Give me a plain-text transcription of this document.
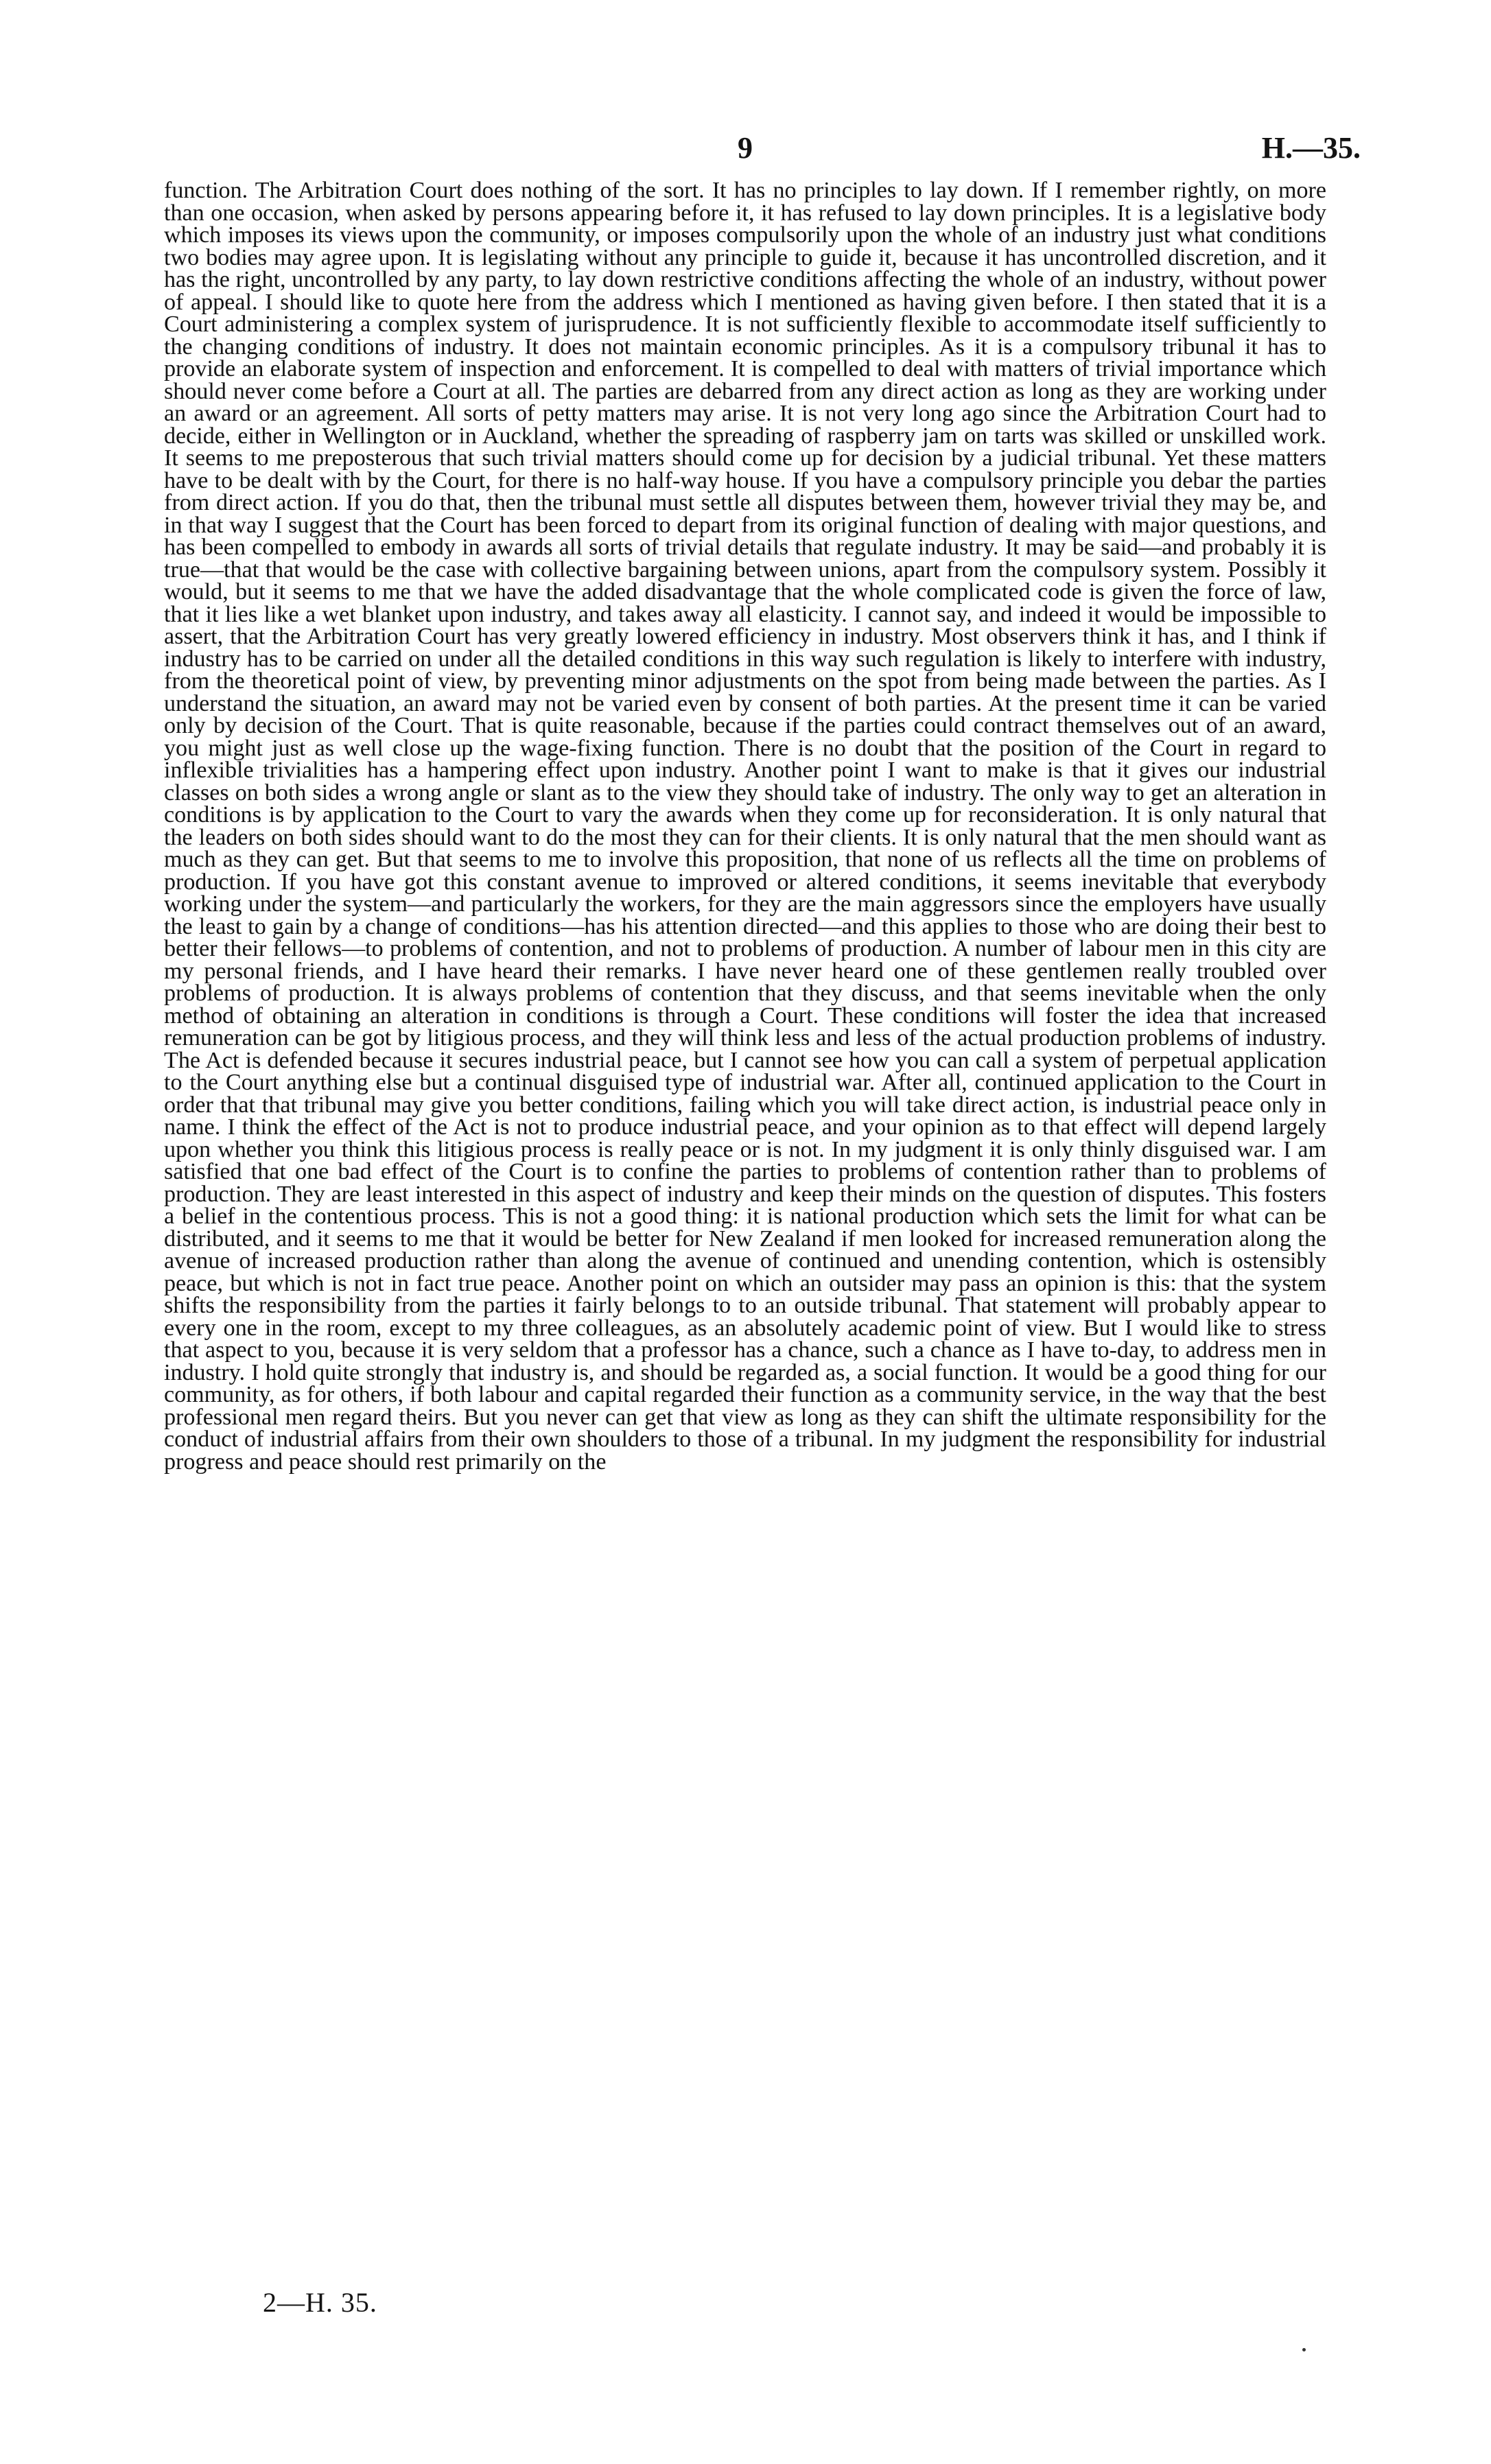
9	H.—35.

function. The Arbitration Court does nothing of the sort. It has no principles to lay down. If I remember rightly, on more than one occasion, when asked by persons appearing before it, it has refused to lay down principles. It is a legislative body which imposes its views upon the community, or imposes compulsorily upon the whole of an industry just what conditions two bodies may agree upon. It is legislating without any principle to guide it, because it has uncontrolled discretion, and it has the right, uncontrolled by any party, to lay down restrictive conditions affecting the whole of an industry, without power of appeal. I should like to quote here from the address which I mentioned as having given before. I then stated that it is a Court administering a complex system of jurisprudence. It is not sufficiently flexible to accommodate itself sufficiently to the changing conditions of industry. It does not maintain economic principles. As it is a compulsory tribunal it has to provide an elaborate system of inspection and enforcement. It is compelled to deal with matters of trivial importance which should never come before a Court at all. The parties are debarred from any direct action as long as they are working under an award or an agreement. All sorts of petty matters may arise. It is not very long ago since the Arbitration Court had to decide, either in Wellington or in Auckland, whether the spreading of raspberry jam on tarts was skilled or unskilled work. It seems to me preposterous that such trivial matters should come up for decision by a judicial tribunal. Yet these matters have to be dealt with by the Court, for there is no half-way house. If you have a compulsory principle you debar the parties from direct action. If you do that, then the tribunal must settle all disputes between them, however trivial they may be, and in that way I suggest that the Court has been forced to depart from its original function of dealing with major questions, and has been compelled to embody in awards all sorts of trivial details that regulate industry. It may be said—and probably it is true—that that would be the case with collective bargaining between unions, apart from the compulsory system. Possibly it would, but it seems to me that we have the added disadvantage that the whole complicated code is given the force of law, that it lies like a wet blanket upon industry, and takes away all elasticity. I cannot say, and indeed it would be impossible to assert, that the Arbitration Court has very greatly lowered efficiency in industry. Most observers think it has, and I think if industry has to be carried on under all the detailed conditions in this way such regulation is likely to interfere with industry, from the theoretical point of view, by preventing minor adjustments on the spot from being made between the parties. As I understand the situation, an award may not be varied even by consent of both parties. At the present time it can be varied only by decision of the Court. That is quite reasonable, because if the parties could contract themselves out of an award, you might just as well close up the wage-fixing function. There is no doubt that the position of the Court in regard to inflexible trivialities has a hampering effect upon industry. Another point I want to make is that it gives our industrial classes on both sides a wrong angle or slant as to the view they should take of industry. The only way to get an alteration in conditions is by application to the Court to vary the awards when they come up for reconsideration. It is only natural that the leaders on both sides should want to do the most they can for their clients. It is only natural that the men should want as much as they can get. But that seems to me to involve this proposition, that none of us reflects all the time on problems of production. If you have got this constant avenue to improved or altered conditions, it seems inevitable that everybody working under the system—and particularly the workers, for they are the main aggressors since the employers have usually the least to gain by a change of conditions—has his attention directed—and this applies to those who are doing their best to better their fellows—to problems of contention, and not to problems of production. A number of labour men in this city are my personal friends, and I have heard their remarks. I have never heard one of these gentlemen really troubled over problems of production. It is always problems of contention that they discuss, and that seems inevitable when the only method of obtaining an alteration in conditions is through a Court. These conditions will foster the idea that increased remuneration can be got by litigious process, and they will think less and less of the actual production problems of industry. The Act is defended because it secures industrial peace, but I cannot see how you can call a system of perpetual application to the Court anything else but a continual disguised type of industrial war. After all, continued application to the Court in order that that tribunal may give you better conditions, failing which you will take direct action, is industrial peace only in name. I think the effect of the Act is not to produce industrial peace, and your opinion as to that effect will depend largely upon whether you think this litigious process is really peace or is not. In my judgment it is only thinly disguised war. I am satisfied that one bad effect of the Court is to confine the parties to problems of contention rather than to problems of production. They are least interested in this aspect of industry and keep their minds on the question of disputes. This fosters a belief in the contentious process. This is not a good thing: it is national production which sets the limit for what can be distributed, and it seems to me that it would be better for New Zealand if men looked for increased remuneration along the avenue of increased production rather than along the avenue of continued and unending contention, which is ostensibly peace, but which is not in fact true peace. Another point on which an outsider may pass an opinion is this: that the system shifts the responsibility from the parties it fairly belongs to to an outside tribunal. That statement will probably appear to every one in the room, except to my three colleagues, as an absolutely academic point of view. But I would like to stress that aspect to you, because it is very seldom that a professor has a chance, such a chance as I have to-day, to address men in industry. I hold quite strongly that industry is, and should be regarded as, a social function. It would be a good thing for our community, as for others, if both labour and capital regarded their function as a community service, in the way that the best professional men regard theirs. But you never can get that view as long as they can shift the ultimate responsibility for the conduct of industrial affairs from their own shoulders to those of a tribunal. In my judgment the responsibility for industrial progress and peace should rest primarily on the

2—H. 35.
